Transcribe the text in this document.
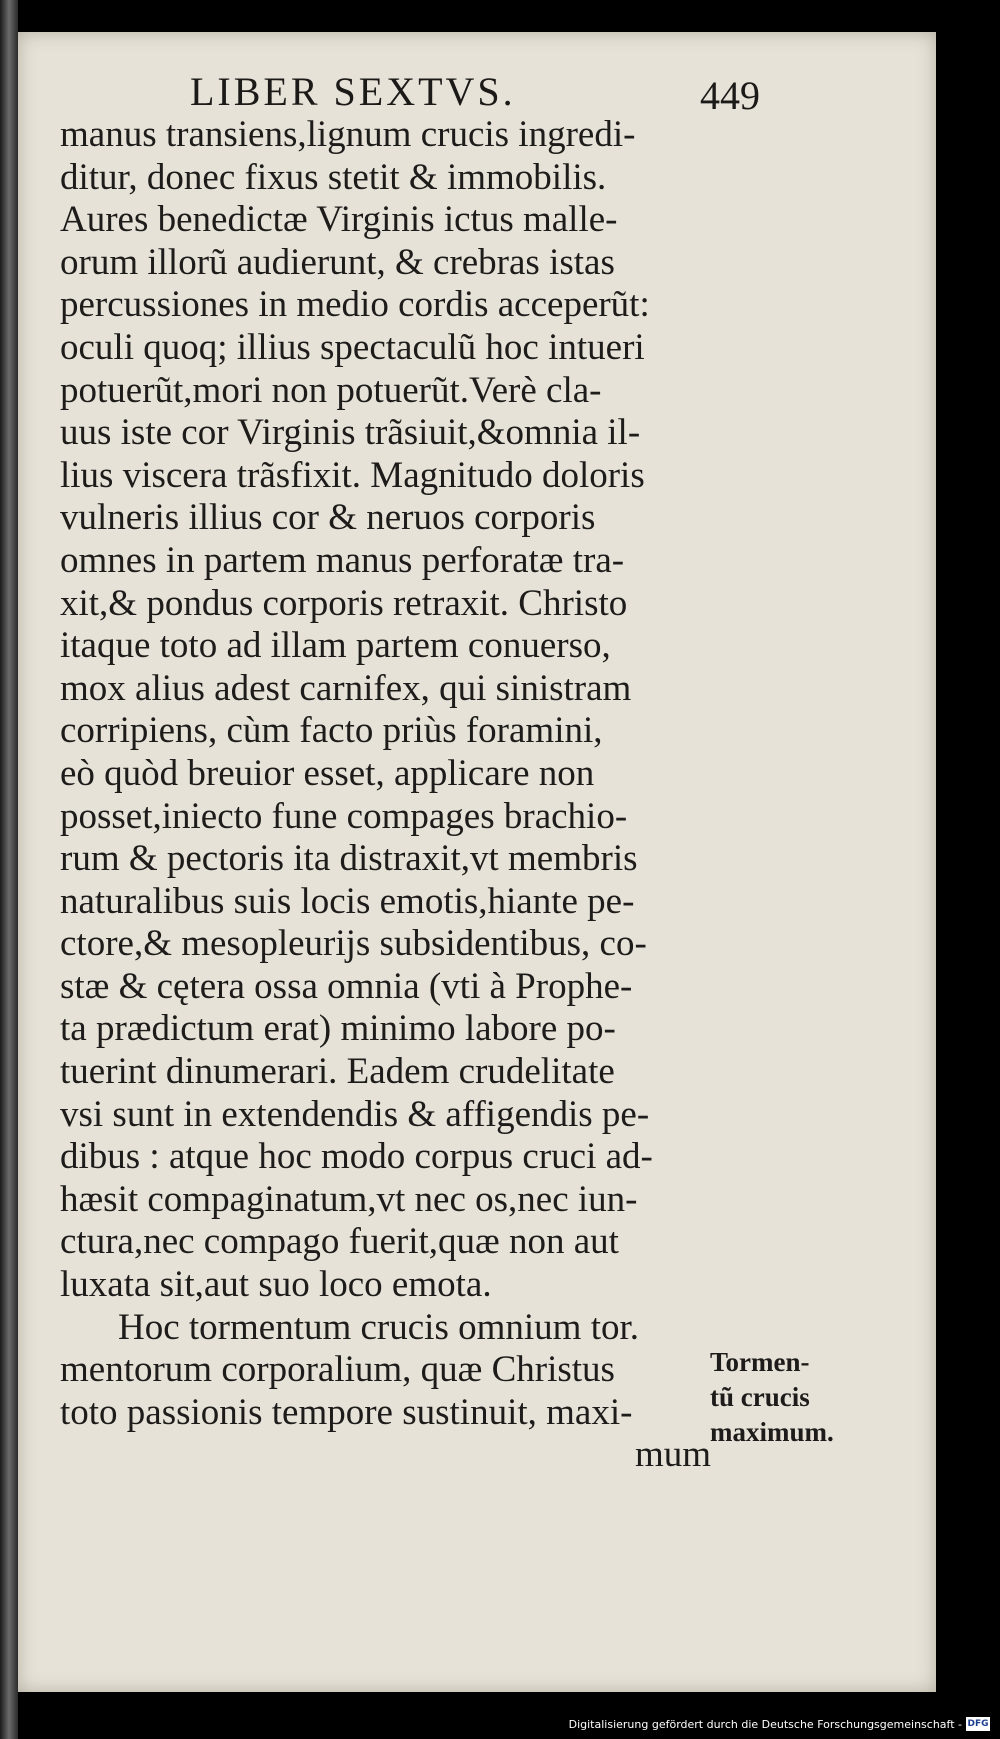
LIBER SEXTVS.	449
manus transiens,lignum crucis ingredi-
ditur, donec fixus stetit & immobilis.
Aures benedictæ Virginis ictus malle-
orum illorũ audierunt, & crebras istas
percussiones in medio cordis acceperũt:
oculi quoq; illius spectaculũ hoc intueri
potuerũt,mori non potuerũt.Verè cla-
uus iste cor Virginis trãsiuit,&omnia il-
lius viscera trãsfixit. Magnitudo doloris
vulneris illius cor & neruos corporis
omnes in partem manus perforatæ tra-
xit,& pondus corporis retraxit. Christo
itaque toto ad illam partem conuerso,
mox alius adest carnifex, qui sinistram
corripiens, cùm facto priùs foramini,
eò quòd breuior esset, applicare non
posset,iniecto fune compages brachio-
rum & pectoris ita distraxit,vt membris
naturalibus suis locis emotis,hiante pe-
ctore,& mesopleurijs subsidentibus, co-
stæ & cętera ossa omnia (vti à Prophe-
ta prædictum erat) minimo labore po-
tuerint dinumerari. Eadem crudelitate
vsi sunt in extendendis & affigendis pe-
dibus : atque hoc modo corpus cruci ad-
hæsit compaginatum,vt nec os,nec iun-
ctura,nec compago fuerit,quæ non aut
luxata sit,aut suo loco emota.
Hoc tormentum crucis omnium tor.
mentorum corporalium, quæ Christus
toto passionis tempore sustinuit, maxi-
mum
Tormen-
tũ crucis
maximum.
Digitalisierung gefördert durch die Deutsche Forschungsgemeinschaft - DFG
